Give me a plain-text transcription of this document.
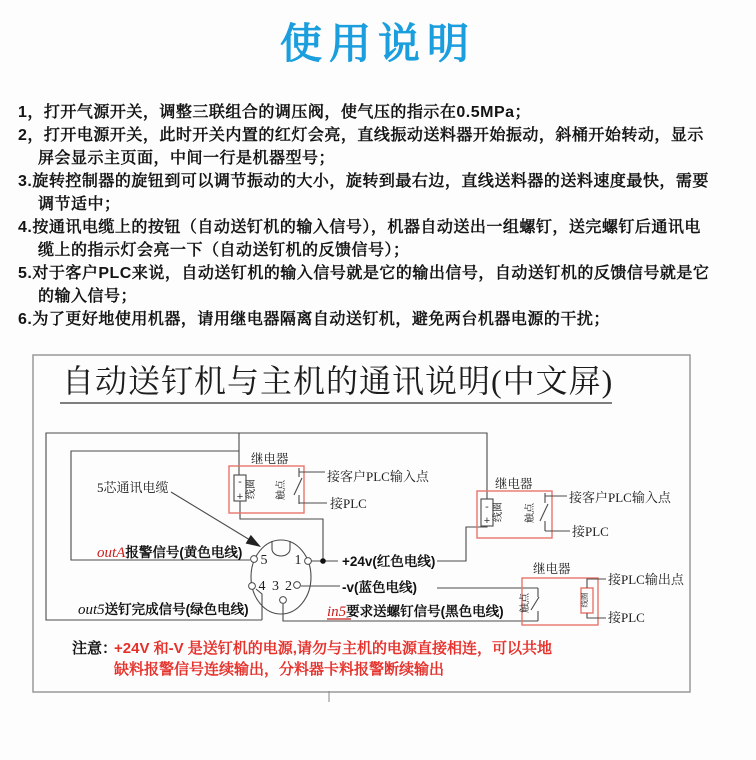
使用说明
1，打开气源开关，调整三联组合的调压阀，使气压的指示在0.5MPa；
2，打开电源开关，此时开关内置的红灯会亮，直线振动送料器开始振动，斜桶开始转动，显示
屏会显示主页面，中间一行是机器型号；
3.旋转控制器的旋钮到可以调节振动的大小，旋转到最右边，直线送料器的送料速度最快，需要
调节适中；
4.按通讯电缆上的按钮（自动送钉机的输入信号），机器自动送出一组螺钉，送完螺钉后通讯电
缆上的指示灯会亮一下（自动送钉机的反馈信号）；
5.对于客户PLC来说，自动送钉机的输入信号就是它的输出信号，自动送钉机的反馈信号就是它
的输入信号；
6.为了更好地使用机器，请用继电器隔离自动送钉机，避免两台机器电源的干扰；
自动送钉机与主机的通讯说明(中文屏)
5芯通讯电缆
继电器
-
+ 线圈 触点
接客户PLC输入点
接PLC
继电器
-
+ 线圈 触点
接客户PLC输入点
接PLC
继电器
触点	线圈
接PLC输出点
接PLC
5 1
4 3 2
outA报警信号(黄色电线)
out5送钉完成信号(绿色电线)	in5要求送螺钉信号(黑色电线)
+24v(红色电线)
-v(蓝色电线)
注意：
+24V 和-V 是送钉机的电源,请勿与主机的电源直接相连，可以共地
缺料报警信号连续输出，分料器卡料报警断续输出
